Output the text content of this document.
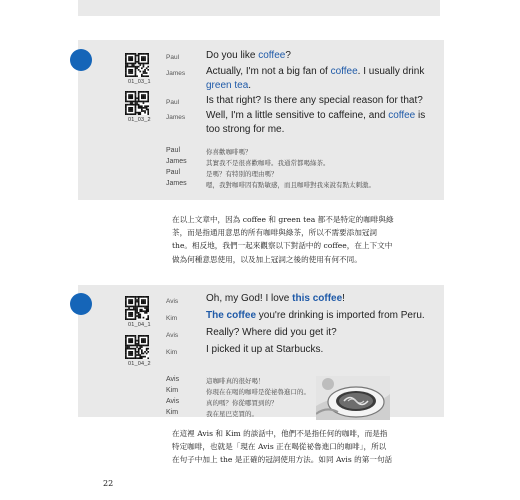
01_03_1
01_03_2
Paul	Do you like coffee?
James Actually, I'm not a big fan of coffee. I usually drink green tea.
Paul	Is that right? Is there any special reason for that?
James Well, I'm a little sensitive to caffeine, and coffee is too strong for me.
Paul	你喜歡咖啡嗎？
James	其實我不是很喜歡咖啡。我通常都喝綠茶。
Paul	是嗎？有特別的理由嗎？
James	嗯，我對咖啡因有點敏感，而且咖啡對我來說有點太刺激。
在以上文章中，因為 coffee 和 green tea 都不是特定的咖啡與綠
茶，而是指通用意思的所有咖啡與綠茶，所以不需要添加冠詞
the。相反地，我們一起來觀察以下對話中的 coffee，在上下文中
做為何種意思使用，以及加上冠詞之後的使用有何不同。
01_04_1
01_04_2
Avis	Oh, my God! I love this coffee!
Kim	The coffee you're drinking is imported from Peru.
Avis	Really? Where did you get it?
Kim	I picked it up at Starbucks.
Avis	這咖啡真的很好喝！
Kim	你現在在喝的咖啡是從祕魯進口的。
Avis	真的嗎？你從哪買到的？
Kim	我在星巴克買的。
在這裡 Avis 和 Kim 的談話中，他們不是指任何的咖啡，而是指
特定咖啡，也就是「現在 Avis 正在喝從祕魯進口的咖啡」，所以
在句子中加上 the 是正確的冠詞使用方法。如同 Avis 的第一句話
22
